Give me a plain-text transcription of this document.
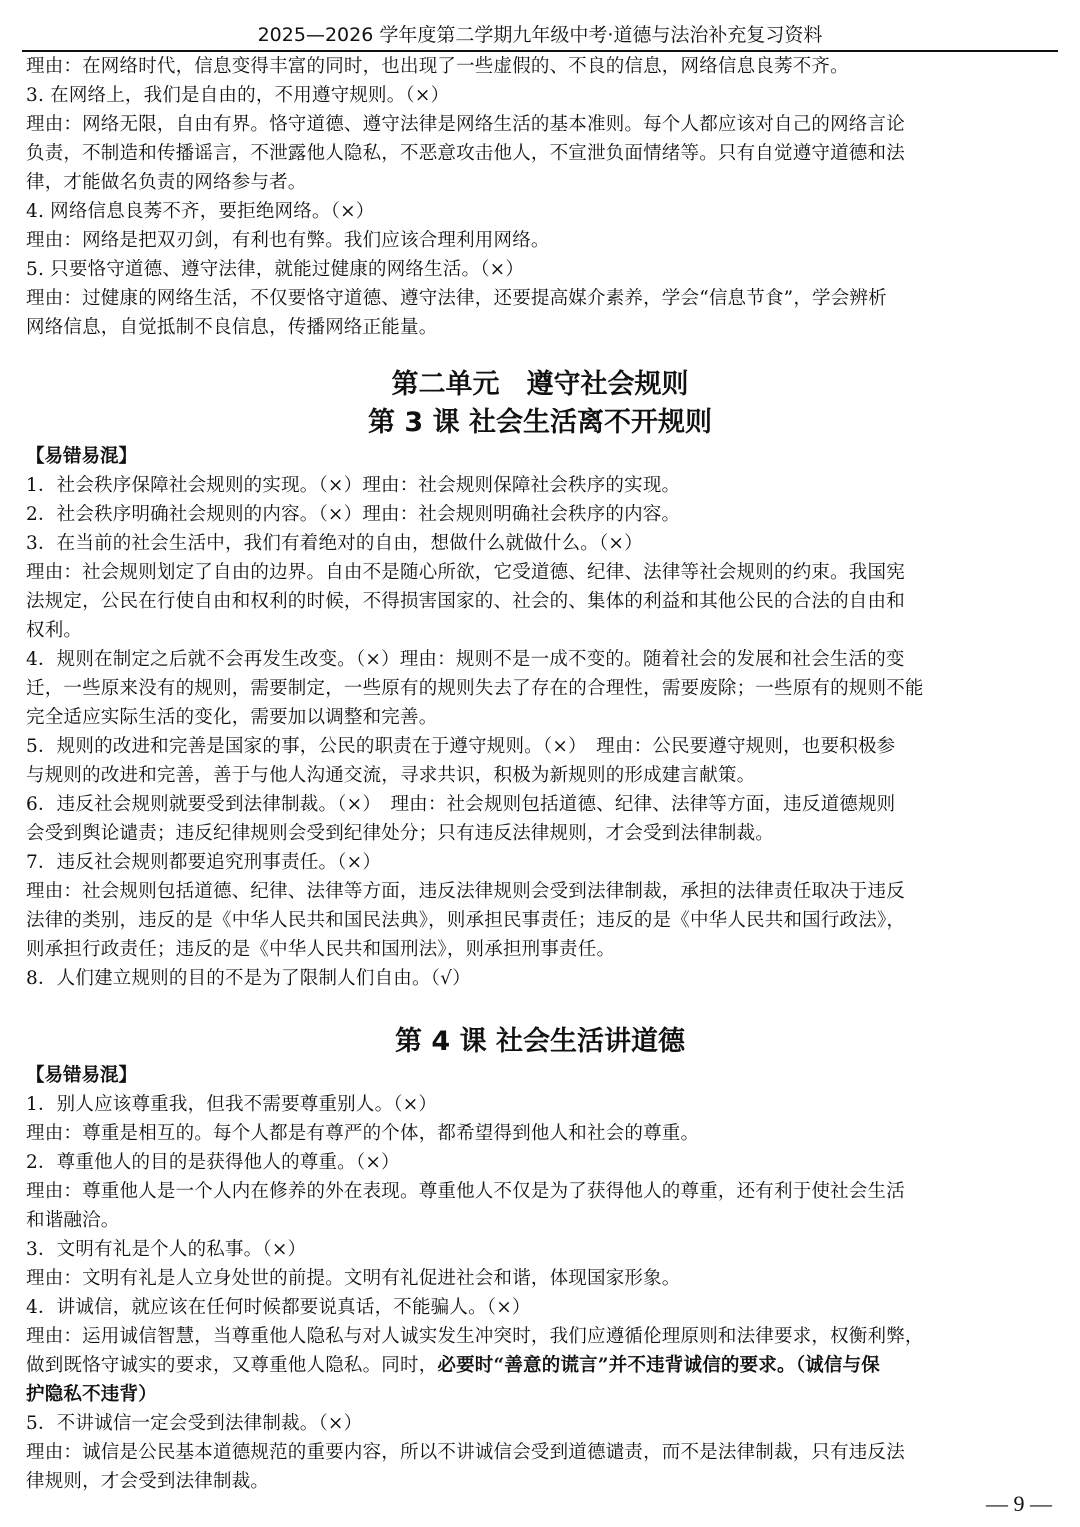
2025—2026 学年度第二学期九年级中考·道德与法治补充复习资料
理由：在网络时代，信息变得丰富的同时，也出现了一些虚假的、不良的信息，网络信息良莠不齐。
3. 在网络上，我们是自由的，不用遵守规则。（×）
理由：网络无限，自由有界。恪守道德、遵守法律是网络生活的基本准则。每个人都应该对自己的网络言论
负责，不制造和传播谣言，不泄露他人隐私，不恶意攻击他人，不宣泄负面情绪等。只有自觉遵守道德和法
律，才能做名负责的网络参与者。
4. 网络信息良莠不齐，要拒绝网络。（×）
理由：网络是把双刃剑，有利也有弊。我们应该合理利用网络。
5. 只要恪守道德、遵守法律，就能过健康的网络生活。（×）
理由：过健康的网络生活，不仅要恪守道德、遵守法律，还要提高媒介素养，学会“信息节食”，学会辨析
网络信息，自觉抵制不良信息，传播网络正能量。
第二单元　遵守社会规则
第 3 课 社会生活离不开规则
【易错易混】
1．社会秩序保障社会规则的实现。（×）理由：社会规则保障社会秩序的实现。
2．社会秩序明确社会规则的内容。（×）理由：社会规则明确社会秩序的内容。
3．在当前的社会生活中，我们有着绝对的自由，想做什么就做什么。（×）
理由：社会规则划定了自由的边界。自由不是随心所欲，它受道德、纪律、法律等社会规则的约束。我国宪
法规定，公民在行使自由和权利的时候，不得损害国家的、社会的、集体的利益和其他公民的合法的自由和
权利。
4．规则在制定之后就不会再发生改变。（×）理由：规则不是一成不变的。随着社会的发展和社会生活的变
迁，一些原来没有的规则，需要制定，一些原有的规则失去了存在的合理性，需要废除；一些原有的规则不能
完全适应实际生活的变化，需要加以调整和完善。
5．规则的改进和完善是国家的事，公民的职责在于遵守规则。（×）　理由：公民要遵守规则，也要积极参
与规则的改进和完善，善于与他人沟通交流，寻求共识，积极为新规则的形成建言献策。
6．违反社会规则就要受到法律制裁。（×）　理由：社会规则包括道德、纪律、法律等方面，违反道德规则
会受到舆论谴责；违反纪律规则会受到纪律处分；只有违反法律规则，才会受到法律制裁。
7．违反社会规则都要追究刑事责任。（×）
理由：社会规则包括道德、纪律、法律等方面，违反法律规则会受到法律制裁，承担的法律责任取决于违反
法律的类别，违反的是《中华人民共和国民法典》，则承担民事责任；违反的是《中华人民共和国行政法》，
则承担行政责任；违反的是《中华人民共和国刑法》，则承担刑事责任。
8．人们建立规则的目的不是为了限制人们自由。（√）
第 4 课 社会生活讲道德
【易错易混】
1．别人应该尊重我，但我不需要尊重别人。（×）
理由：尊重是相互的。每个人都是有尊严的个体，都希望得到他人和社会的尊重。
2．尊重他人的目的是获得他人的尊重。（×）
理由：尊重他人是一个人内在修养的外在表现。尊重他人不仅是为了获得他人的尊重，还有利于使社会生活
和谐融洽。
3．文明有礼是个人的私事。（×）
理由：文明有礼是人立身处世的前提。文明有礼促进社会和谐，体现国家形象。
4．讲诚信，就应该在任何时候都要说真话，不能骗人。（×）
理由：运用诚信智慧，当尊重他人隐私与对人诚实发生冲突时，我们应遵循伦理原则和法律要求，权衡利弊，
做到既恪守诚实的要求，又尊重他人隐私。同时，必要时“善意的谎言”并不违背诚信的要求。（诚信与保
护隐私不违背）
5．不讲诚信一定会受到法律制裁。（×）
理由：诚信是公民基本道德规范的重要内容，所以不讲诚信会受到道德谴责，而不是法律制裁，只有违反法
律规则，才会受到法律制裁。
— 9 —
